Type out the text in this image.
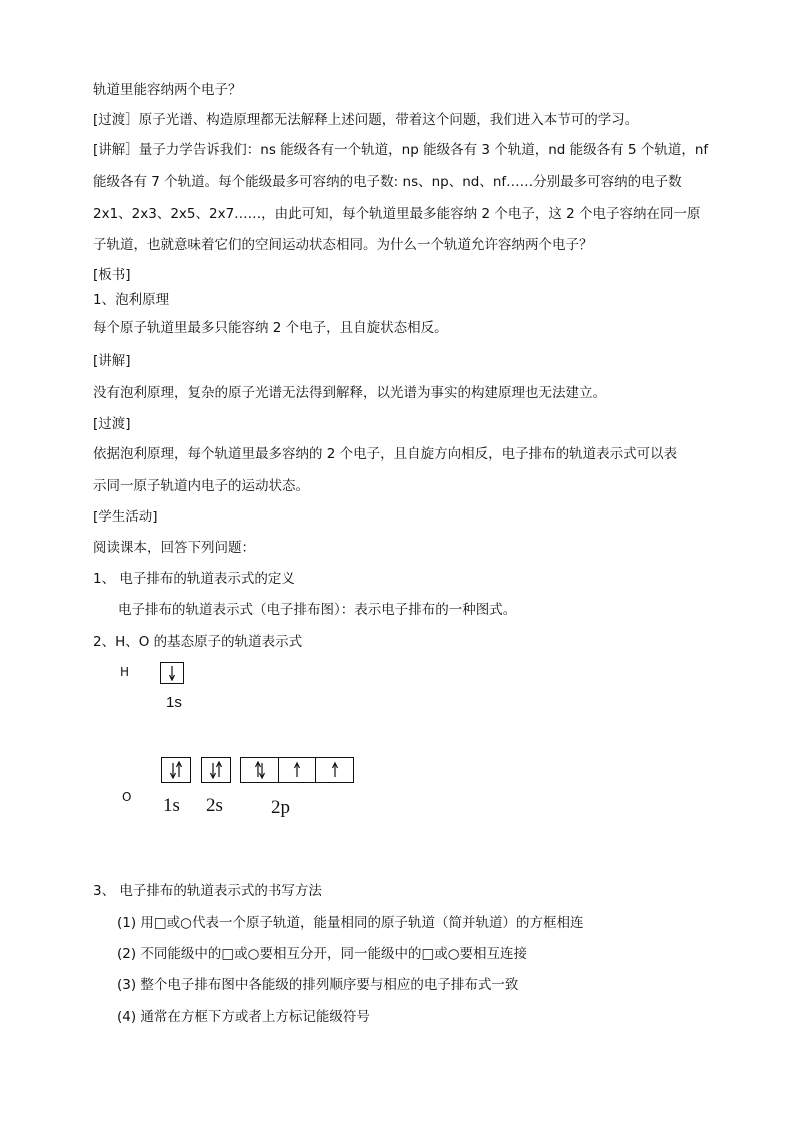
轨道里能容纳两个电子？
[过渡］原子光谱、构造原理都无法解释上述问题，带着这个问题，我们进入本节可的学习。
[讲解］量子力学告诉我们：ns 能级各有一个轨道，np 能级各有 3 个轨道，nd 能级各有 5 个轨道，nf
能级各有 7 个轨道。每个能级最多可容纳的电子数: ns、np、nd、nf……分别最多可容纳的电子数
2x1、2x3、2x5、2x7……，由此可知，每个轨道里最多能容纳 2 个电子，这 2 个电子容纳在同一原
子轨道，也就意味着它们的空间运动状态相同。为什么一个轨道允许容纳两个电子？
[板书]
1、泡利原理
每个原子轨道里最多只能容纳 2 个电子，且自旋状态相反。
[讲解]
没有泡利原理，复杂的原子光谱无法得到解释，以光谱为事实的构建原理也无法建立。
[过渡]
依据泡利原理，每个轨道里最多容纳的 2 个电子，且自旋方向相反，电子排布的轨道表示式可以表
示同一原子轨道内电子的运动状态。
[学生活动]
阅读课本，回答下列问题：
1、 电子排布的轨道表示式的定义
电子排布的轨道表示式（电子排布图）：表示电子排布的一种图式。
2、H、O 的基态原子的轨道表示式
H
1s
O 1s 2s	2p
3、 电子排布的轨道表示式的书写方法
(1) 用□或○代表一个原子轨道，能量相同的原子轨道（简并轨道）的方框相连
(2) 不同能级中的□或○要相互分开，同一能级中的□或○要相互连接
(3) 整个电子排布图中各能级的排列顺序要与相应的电子排布式一致
(4) 通常在方框下方或者上方标记能级符号
